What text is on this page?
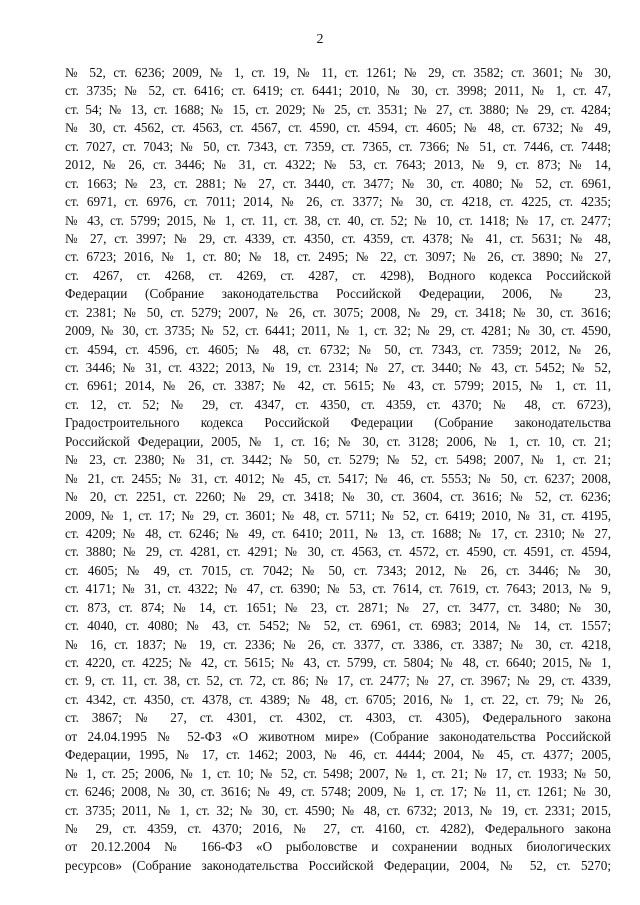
2
№ 52, ст. 6236; 2009, № 1, ст. 19, № 11, ст. 1261; № 29, ст. 3582; ст. 3601; № 30,
ст. 3735; № 52, ст. 6416; ст. 6419; ст. 6441; 2010, № 30, ст. 3998; 2011, № 1, ст. 47,
ст. 54; № 13, ст. 1688; № 15, ст. 2029; № 25, ст. 3531; № 27, ст. 3880; № 29, ст. 4284;
№ 30, ст. 4562, ст. 4563, ст. 4567, ст. 4590, ст. 4594, ст. 4605; № 48, ст. 6732; № 49,
ст. 7027, ст. 7043; № 50, ст. 7343, ст. 7359, ст. 7365, ст. 7366; № 51, ст. 7446, ст. 7448;
2012, № 26, ст. 3446; № 31, ст. 4322; № 53, ст. 7643; 2013, № 9, ст. 873; № 14,
ст. 1663; № 23, ст. 2881; № 27, ст. 3440, ст. 3477; № 30, ст. 4080; № 52, ст. 6961,
ст. 6971, ст. 6976, ст. 7011; 2014, № 26, ст. 3377; № 30, ст. 4218, ст. 4225, ст. 4235;
№ 43, ст. 5799; 2015, № 1, ст. 11, ст. 38, ст. 40, ст. 52; № 10, ст. 1418; № 17, ст. 2477;
№ 27, ст. 3997; № 29, ст. 4339, ст. 4350, ст. 4359, ст. 4378; № 41, ст. 5631; № 48,
ст. 6723; 2016, № 1, ст. 80; № 18, ст. 2495; № 22, ст. 3097; № 26, ст. 3890; № 27,
ст. 4267, ст. 4268, ст. 4269, ст. 4287, ст. 4298), Водного кодекса Российской
Федерации (Собрание законодательства Российской Федерации, 2006, № 23,
ст. 2381; № 50, ст. 5279; 2007, № 26, ст. 3075; 2008, № 29, ст. 3418; № 30, ст. 3616;
2009, № 30, ст. 3735; № 52, ст. 6441; 2011, № 1, ст. 32; № 29, ст. 4281; № 30, ст. 4590,
ст. 4594, ст. 4596, ст. 4605; № 48, ст. 6732; № 50, ст. 7343, ст. 7359; 2012, № 26,
ст. 3446; № 31, ст. 4322; 2013, № 19, ст. 2314; № 27, ст. 3440; № 43, ст. 5452; № 52,
ст. 6961; 2014, № 26, ст. 3387; № 42, ст. 5615; № 43, ст. 5799; 2015, № 1, ст. 11,
ст. 12, ст. 52; № 29, ст. 4347, ст. 4350, ст. 4359, ст. 4370; № 48, ст. 6723),
Градостроительного кодекса Российской Федерации (Собрание законодательства
Российской Федерации, 2005, № 1, ст. 16; № 30, ст. 3128; 2006, № 1, ст. 10, ст. 21;
№ 23, ст. 2380; № 31, ст. 3442; № 50, ст. 5279; № 52, ст. 5498; 2007, № 1, ст. 21;
№ 21, ст. 2455; № 31, ст. 4012; № 45, ст. 5417; № 46, ст. 5553; № 50, ст. 6237; 2008,
№ 20, ст. 2251, ст. 2260; № 29, ст. 3418; № 30, ст. 3604, ст. 3616; № 52, ст. 6236;
2009, № 1, ст. 17; № 29, ст. 3601; № 48, ст. 5711; № 52, ст. 6419; 2010, № 31, ст. 4195,
ст. 4209; № 48, ст. 6246; № 49, ст. 6410; 2011, № 13, ст. 1688; № 17, ст. 2310; № 27,
ст. 3880; № 29, ст. 4281, ст. 4291; № 30, ст. 4563, ст. 4572, ст. 4590, ст. 4591, ст. 4594,
ст. 4605; № 49, ст. 7015, ст. 7042; № 50, ст. 7343; 2012, № 26, ст. 3446; № 30,
ст. 4171; № 31, ст. 4322; № 47, ст. 6390; № 53, ст. 7614, ст. 7619, ст. 7643; 2013, № 9,
ст. 873, ст. 874; № 14, ст. 1651; № 23, ст. 2871; № 27, ст. 3477, ст. 3480; № 30,
ст. 4040, ст. 4080; № 43, ст. 5452; № 52, ст. 6961, ст. 6983; 2014, № 14, ст. 1557;
№ 16, ст. 1837; № 19, ст. 2336; № 26, ст. 3377, ст. 3386, ст. 3387; № 30, ст. 4218,
ст. 4220, ст. 4225; № 42, ст. 5615; № 43, ст. 5799, ст. 5804; № 48, ст. 6640; 2015, № 1,
ст. 9, ст. 11, ст. 38, ст. 52, ст. 72, ст. 86; № 17, ст. 2477; № 27, ст. 3967; № 29, ст. 4339,
ст. 4342, ст. 4350, ст. 4378, ст. 4389; № 48, ст. 6705; 2016, № 1, ст. 22, ст. 79; № 26,
ст. 3867; № 27, ст. 4301, ст. 4302, ст. 4303, ст. 4305), Федерального закона
от 24.04.1995 № 52-ФЗ «О животном мире» (Собрание законодательства Российской
Федерации, 1995, № 17, ст. 1462; 2003, № 46, ст. 4444; 2004, № 45, ст. 4377; 2005,
№ 1, ст. 25; 2006, № 1, ст. 10; № 52, ст. 5498; 2007, № 1, ст. 21; № 17, ст. 1933; № 50,
ст. 6246; 2008, № 30, ст. 3616; № 49, ст. 5748; 2009, № 1, ст. 17; № 11, ст. 1261; № 30,
ст. 3735; 2011, № 1, ст. 32; № 30, ст. 4590; № 48, ст. 6732; 2013, № 19, ст. 2331; 2015,
№ 29, ст. 4359, ст. 4370; 2016, № 27, ст. 4160, ст. 4282), Федерального закона
от 20.12.2004 № 166-ФЗ «О рыболовстве и сохранении водных биологических
ресурсов» (Собрание законодательства Российской Федерации, 2004, № 52, ст. 5270;
